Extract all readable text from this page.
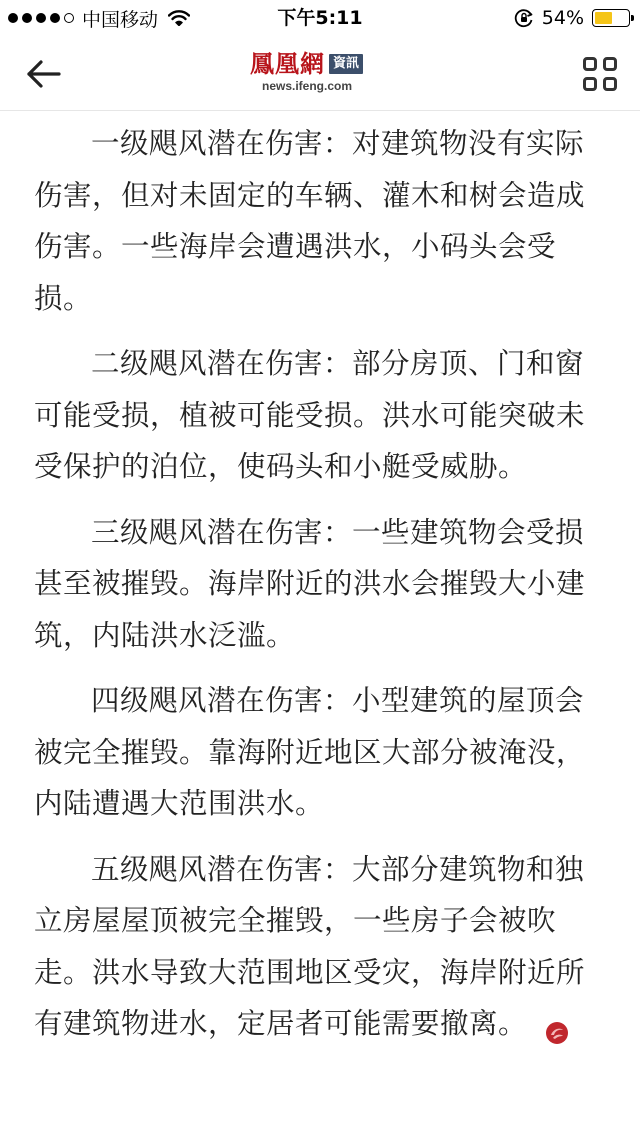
中国移动	下午5:11	54%
鳳凰網 資訊
news.ifeng.com

一级飓风潜在伤害：对建筑物没有实际伤害，但对未固定的车辆、灌木和树会造成伤害。一些海岸会遭遇洪水，小码头会受损。

二级飓风潜在伤害：部分房顶、门和窗可能受损，植被可能受损。洪水可能突破未受保护的泊位，使码头和小艇受威胁。

三级飓风潜在伤害：一些建筑物会受损甚至被摧毁。海岸附近的洪水会摧毁大小建筑，内陆洪水泛滥。

四级飓风潜在伤害：小型建筑的屋顶会被完全摧毁。靠海附近地区大部分被淹没，内陆遭遇大范围洪水。

五级飓风潜在伤害：大部分建筑物和独立房屋屋顶被完全摧毁，一些房子会被吹走。洪水导致大范围地区受灾，海岸附近所有建筑物进水，定居者可能需要撤离。
